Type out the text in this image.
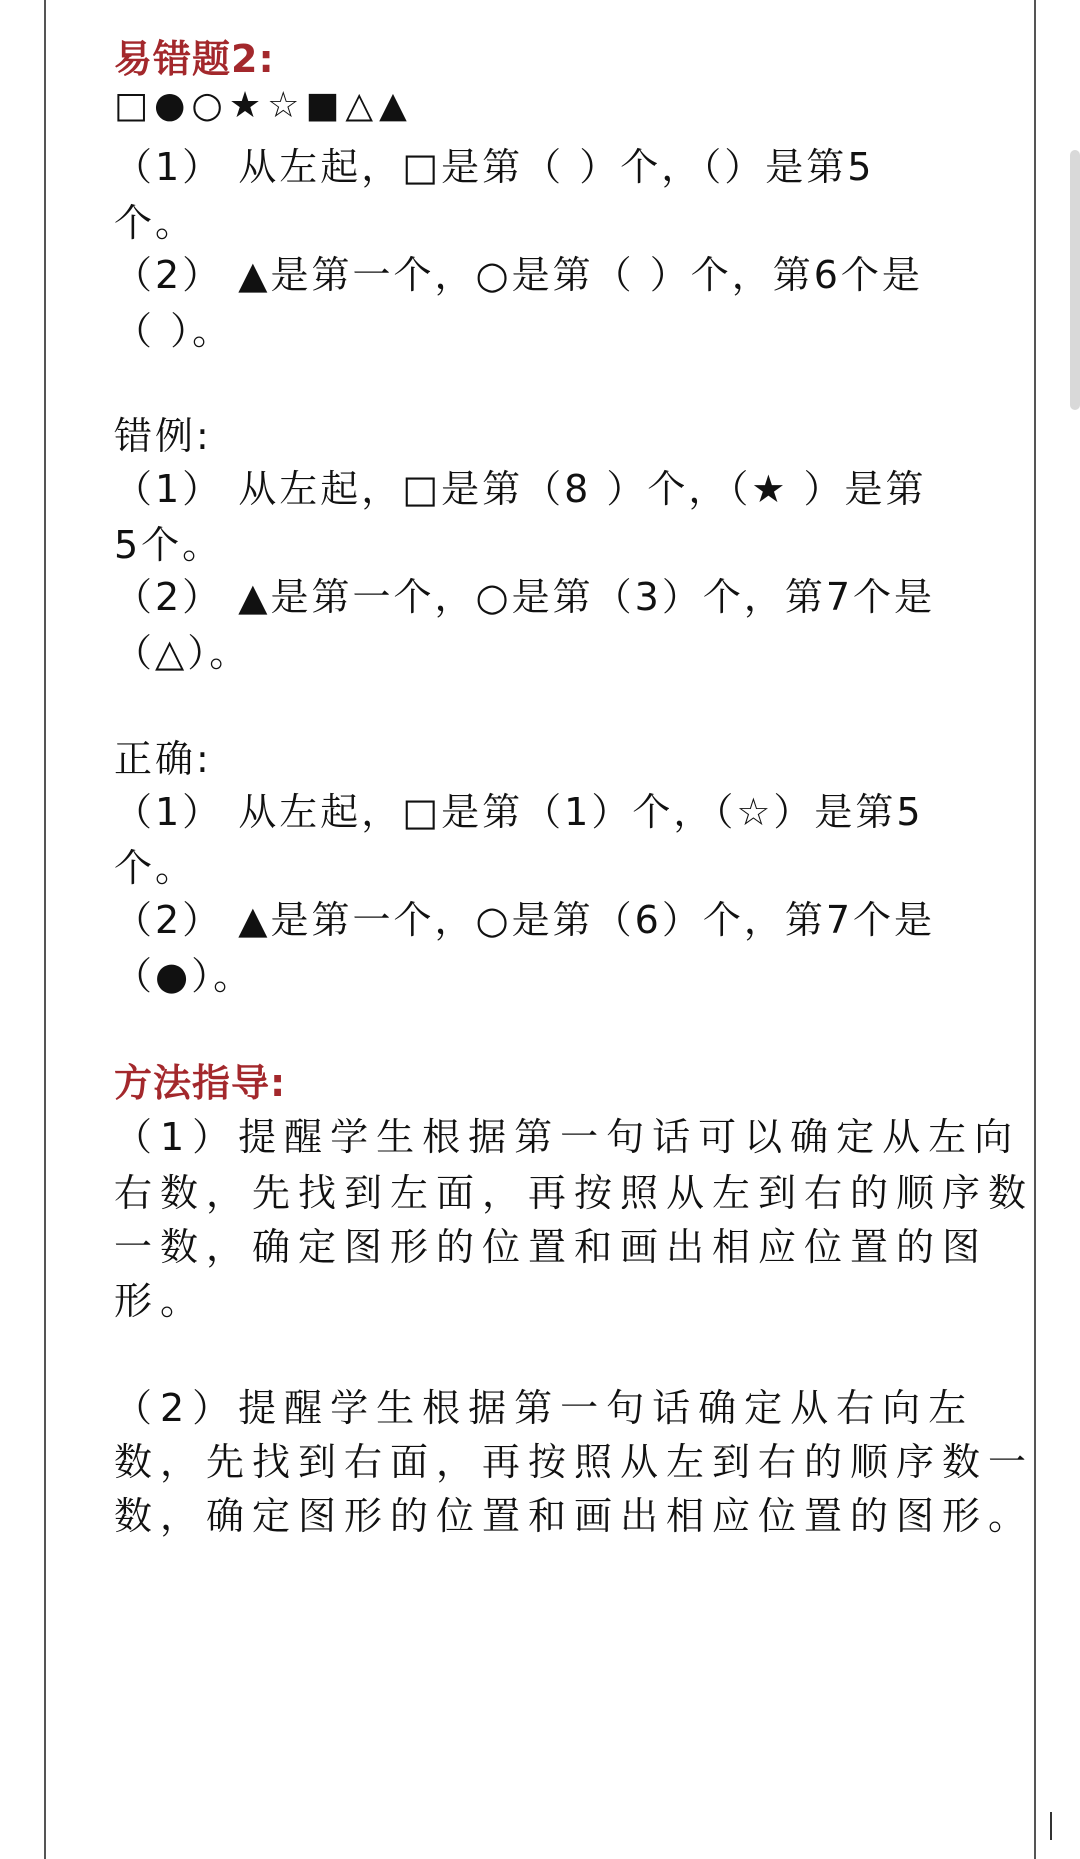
易错题2:
□●○★☆■△▲
（1） 从左起，□是第（ ）个，（）是第5
个。
（2） ▲是第一个，○是第（ ）个，第6个是
（ ）。
错例:
（1） 从左起，□是第（8 ）个，（★ ）是第
5个。
（2） ▲是第一个，○是第（3）个，第7个是
（△）。
正确:
（1） 从左起，□是第（1）个，（☆）是第5
个。
（2） ▲是第一个，○是第（6）个，第7个是
（●）。
方法指导:
（1）提醒学生根据第一句话可以确定从左向
右数，先找到左面，再按照从左到右的顺序数
一数，确定图形的位置和画出相应位置的图
形。
（2）提醒学生根据第一句话确定从右向左
数，先找到右面，再按照从左到右的顺序数一
数，确定图形的位置和画出相应位置的图形。
